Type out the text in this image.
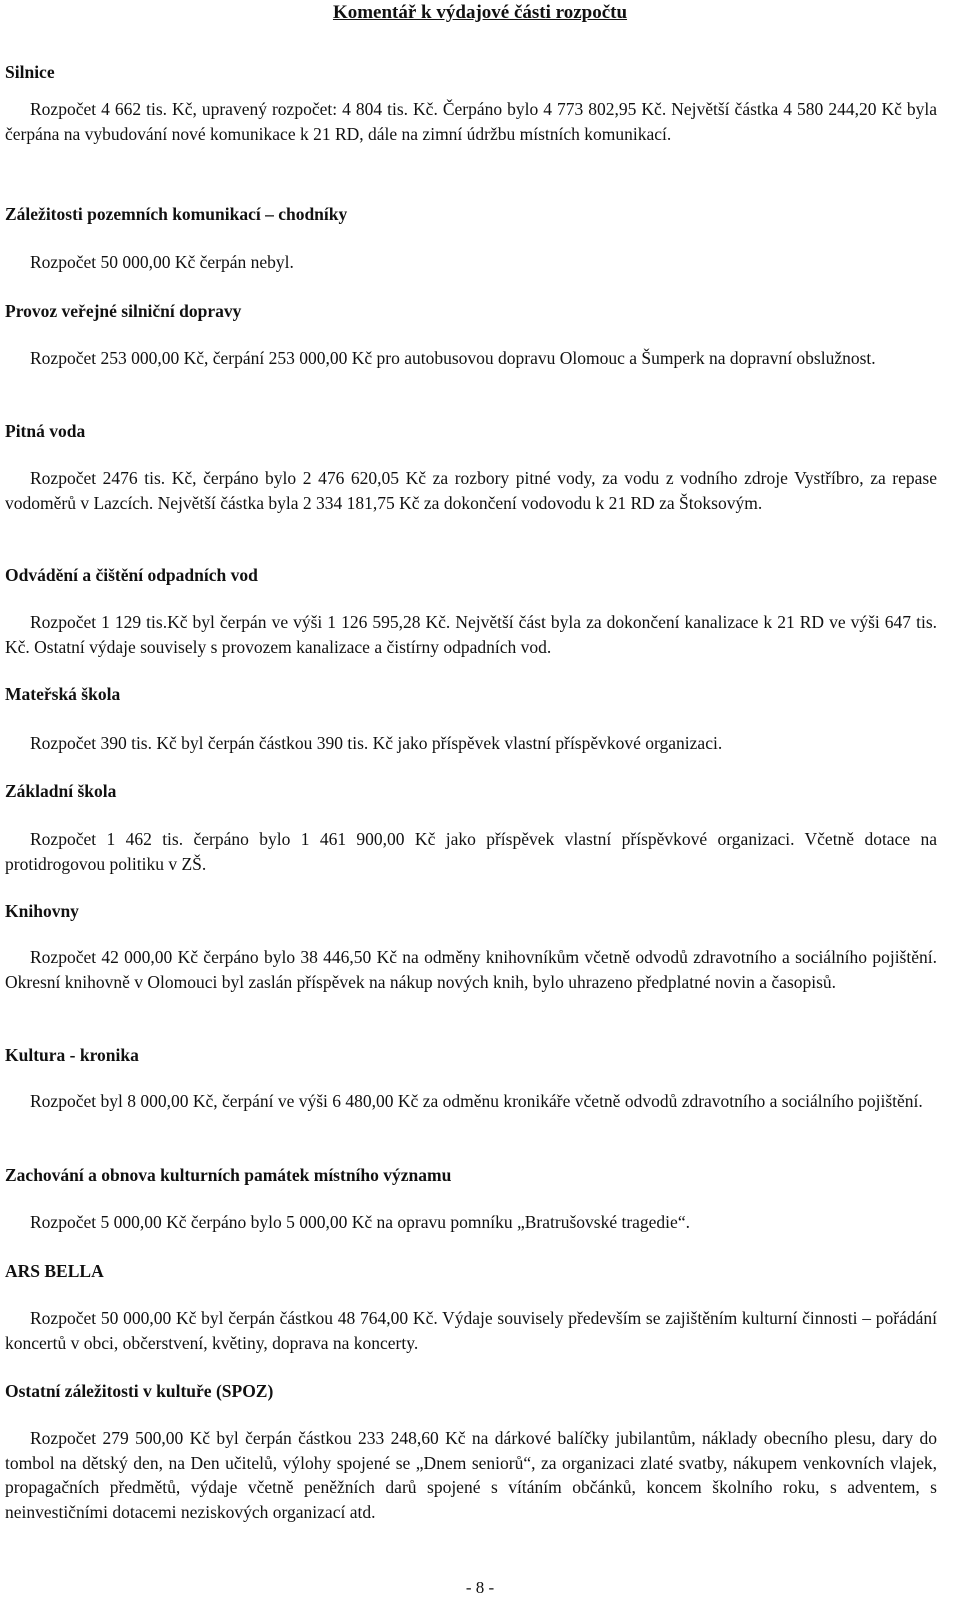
Komentář k výdajové části rozpočtu

Silnice

Rozpočet 4 662 tis. Kč, upravený rozpočet: 4 804 tis. Kč. Čerpáno bylo 4 773 802,95 Kč. Největší částka 4 580 244,20 Kč byla čerpána na vybudování nové komunikace k 21 RD, dále na zimní údržbu místních komunikací.

Záležitosti pozemních komunikací – chodníky

Rozpočet 50 000,00 Kč čerpán nebyl.

Provoz veřejné silniční dopravy

Rozpočet 253 000,00 Kč, čerpání 253 000,00 Kč pro autobusovou dopravu Olomouc a Šumperk na dopravní obslužnost.

Pitná voda

Rozpočet 2476 tis. Kč, čerpáno bylo 2 476 620,05 Kč za rozbory pitné vody, za vodu z vodního zdroje Vystříbro, za repase vodoměrů v Lazcích. Největší částka byla 2 334 181,75 Kč za dokončení vodovodu k 21 RD za Štoksovým.

Odvádění a čištění odpadních vod

Rozpočet 1 129 tis.Kč byl čerpán ve výši 1 126 595,28 Kč. Největší část byla za dokončení kanalizace k 21 RD ve výši 647 tis. Kč. Ostatní výdaje souvisely s provozem kanalizace a čistírny odpadních vod.

Mateřská škola

Rozpočet 390 tis. Kč byl čerpán částkou 390 tis. Kč jako příspěvek vlastní příspěvkové organizaci.

Základní škola

Rozpočet 1 462 tis. čerpáno bylo 1 461 900,00 Kč jako příspěvek vlastní příspěvkové organizaci. Včetně dotace na protidrogovou politiku v ZŠ.

Knihovny

Rozpočet 42 000,00 Kč čerpáno bylo 38 446,50 Kč na odměny knihovníkům včetně odvodů zdravotního a sociálního pojištění. Okresní knihovně v Olomouci byl zaslán příspěvek na nákup nových knih, bylo uhrazeno předplatné novin a časopisů.

Kultura - kronika

Rozpočet byl 8 000,00 Kč, čerpání ve výši 6 480,00 Kč za odměnu kronikáře včetně odvodů zdravotního a sociálního pojištění.

Zachování a obnova kulturních památek místního významu

Rozpočet 5 000,00 Kč čerpáno bylo 5 000,00 Kč na opravu pomníku „Bratrušovské tragedie“.

ARS BELLA

Rozpočet 50 000,00 Kč byl čerpán částkou 48 764,00 Kč. Výdaje souvisely především se zajištěním kulturní činnosti – pořádání koncertů v obci, občerstvení, květiny, doprava na koncerty.

Ostatní záležitosti v kultuře (SPOZ)

Rozpočet 279 500,00 Kč byl čerpán částkou 233 248,60 Kč na dárkové balíčky jubilantům, náklady obecního plesu, dary do tombol na dětský den, na Den učitelů, výlohy spojené se „Dnem seniorů“, za organizaci zlaté svatby, nákupem venkovních vlajek, propagačních předmětů, výdaje včetně peněžních darů spojené s vítáním občánků, koncem školního roku, s adventem, s neinvestičními dotacemi neziskových organizací atd.

- 8 -
